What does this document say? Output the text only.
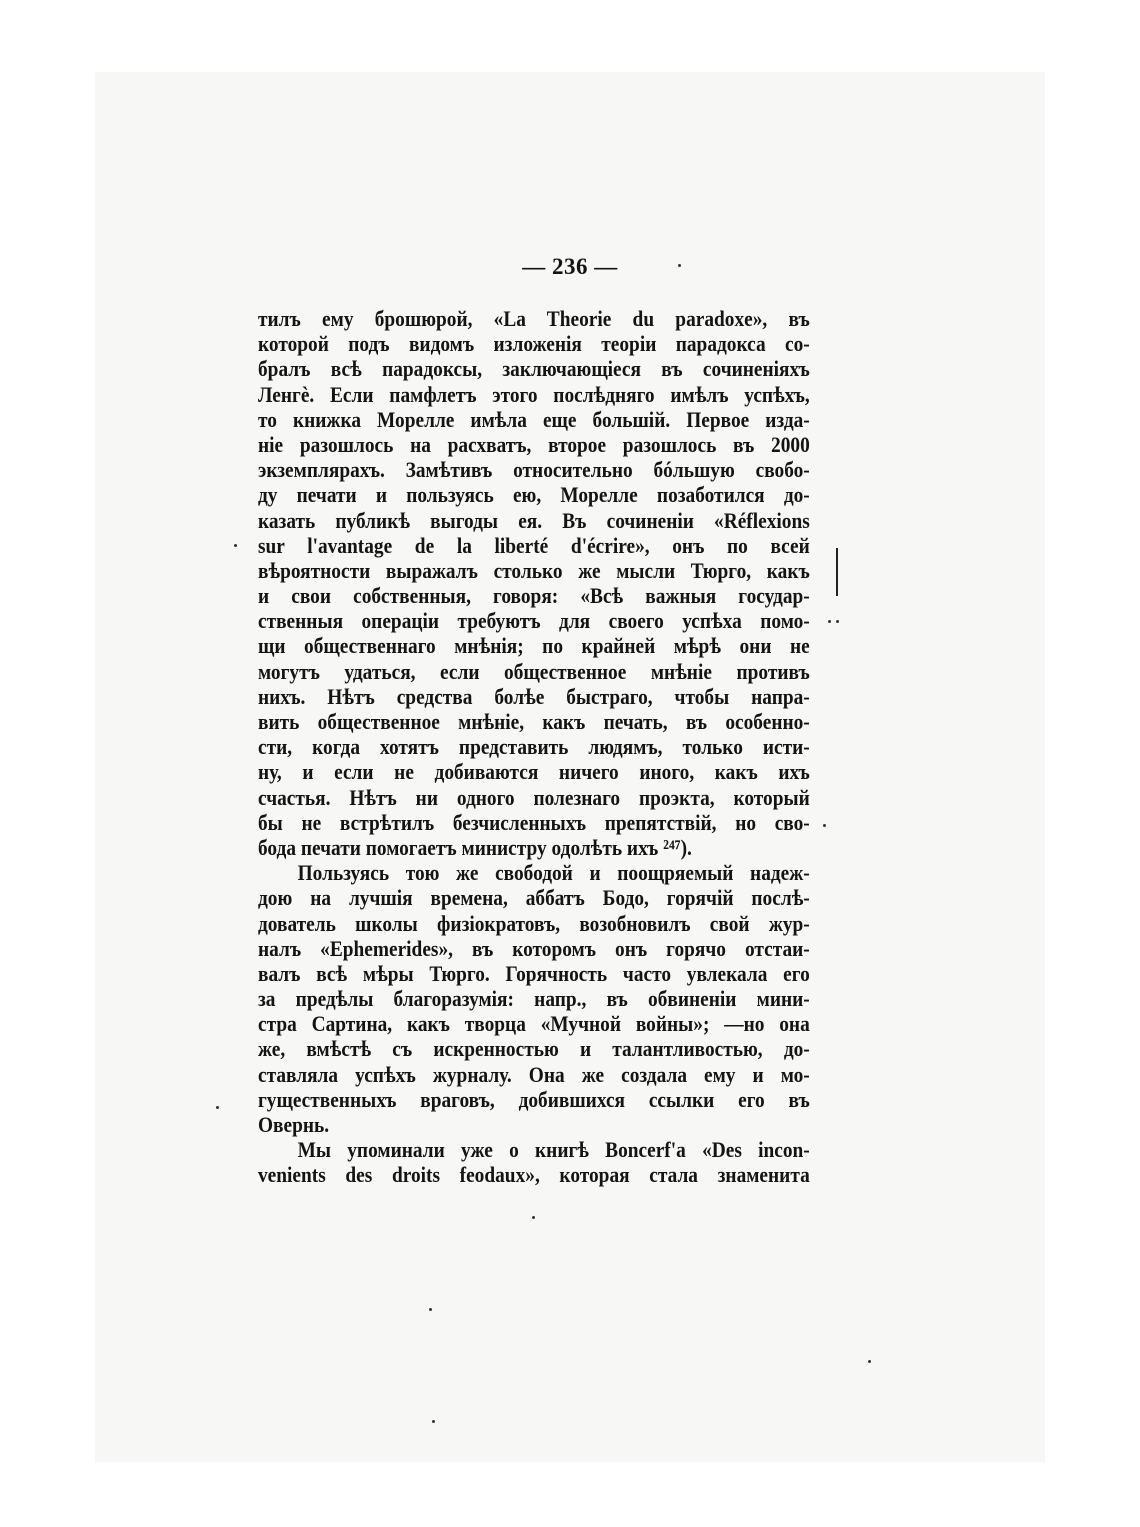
— 236 —
тилъ ему брошюрой, «La Theorie du paradoxe», въ
которой подъ видомъ изложенія теоріи парадокса со-
бралъ всѣ парадоксы, заключающіеся въ сочиненіяхъ
Ленгè. Если памфлетъ этого послѣдняго имѣлъ успѣхъ,
то книжка Морелле имѣла еще большій. Первое изда-
ніе разошлось на расхватъ, второе разошлось въ 2000
экземплярахъ. Замѣтивъ относительно бóльшую свобо-
ду печати и пользуясь ею, Морелле позаботился до-
казать публикѣ выгоды ея. Въ сочиненіи «Réflexions
sur l'avantage de la liberté d'écrire», онъ по всей
вѣроятности выражалъ столько же мысли Тюрго, какъ
и свои собственныя, говоря: «Всѣ важныя государ-
ственныя операціи требуютъ для своего успѣха помо-
щи общественнаго мнѣнія; по крайней мѣрѣ они не
могутъ удаться, если общественное мнѣніе противъ
нихъ. Нѣтъ средства болѣе быстраго, чтобы напра-
вить общественное мнѣніе, какъ печать, въ особенно-
сти, когда хотятъ представить людямъ, только исти-
ну, и если не добиваются ничего иного, какъ ихъ
счастья. Нѣтъ ни одного полезнаго проэкта, который
бы не встрѣтилъ безчисленныхъ препятствій, но сво-
бода печати помогаетъ министру одолѣть ихъ ²⁴⁷).
Пользуясь тою же свободой и поощряемый надеж-
дою на лучшія времена, аббатъ Бодо, горячій послѣ-
дователь школы физіократовъ, возобновилъ свой жур-
налъ «Ephemerides», въ которомъ онъ горячо отстаи-
валъ всѣ мѣры Тюрго. Горячность часто увлекала его
за предѣлы благоразумія: напр., въ обвиненіи мини-
стра Сартина, какъ творца «Мучной войны»; —но она
же, вмѣстѣ съ искренностью и талантливостью, до-
ставляла успѣхъ журналу. Она же создала ему и мо-
гущественныхъ враговъ, добившихся ссылки его въ
Овернь.
Мы упоминали уже о книгѣ Boncerf'a «Des incon-
venients des droits feodaux», которая стала знаменита
